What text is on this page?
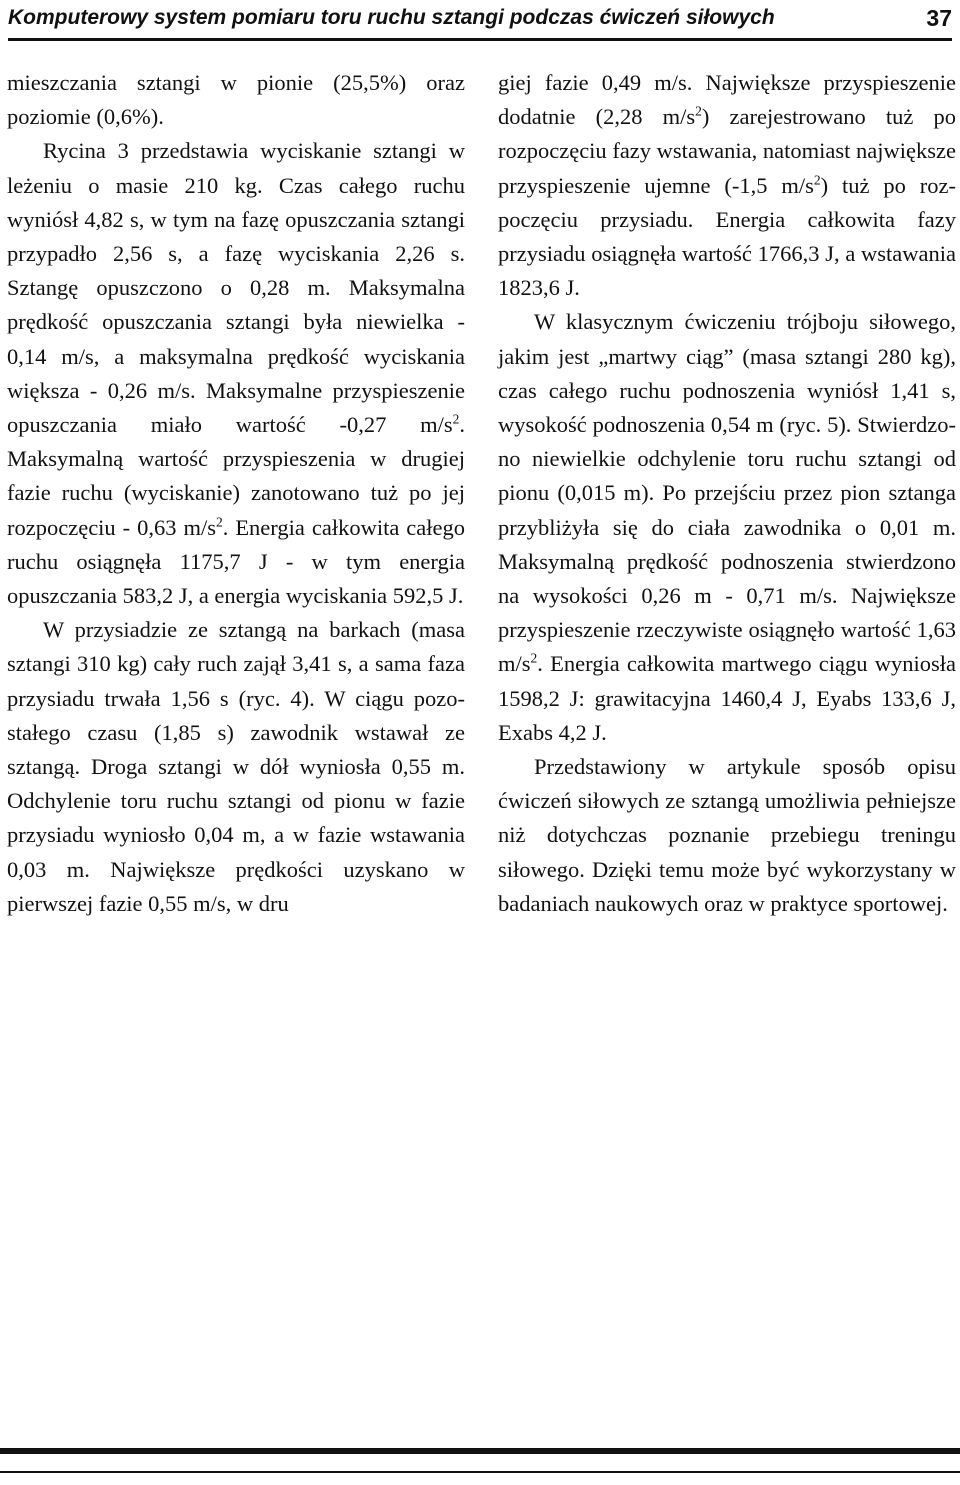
Komputerowy system pomiaru toru ruchu sztangi podczas ćwiczeń siłowych	37

mieszczania sztangi w pionie (25,5%) oraz poziomie (0,6%).

Rycina 3 przedstawia wyciskanie sztangi w leżeniu o masie 210 kg. Czas całego ruchu wyniósł 4,82 s, w tym na fazę opuszczania sztangi przypadło 2,56 s, a fazę wyciskania 2,26 s. Sztangę opuszczono o 0,28 m. Maksymalna prędkość opuszczania sztangi była niewielka - 0,14 m/s, a maksymalna prędkość wyciskania większa - 0,26 m/s. Maksymalne przyspieszenie opuszczania miało wartość -0,27 $m/s^2$. Maksymalną wartość przyspieszenia w drugiej fazie ruchu (wyciskanie) zanotowano tuż po jej rozpoczęciu - 0,63 $m/s^2$. Energia całkowita całego ruchu osiągnęła 1175,7 J - w tym energia opuszczania 583,2 J, a energia wyciskania 592,5 J.

W przysiadzie ze sztangą na barkach (masa sztangi 310 kg) cały ruch zajął 3,41 s, a sama faza przysiadu trwała 1,56 s (ryc. 4). W ciągu pozostałego czasu (1,85 s) zawodnik wstawał ze sztangą. Droga sztangi w dół wyniosła 0,55 m. Odchylenie toru ruchu sztangi od pionu w fazie przysiadu wyniosło 0,04 m, a w fazie wstawania 0,03 m. Największe prędkości uzyskano w pierwszej fazie 0,55 m/s, w dru

giej fazie 0,49 m/s. Największe przyspieszenie dodatnie (2,28 $m/s^2$) zarejestrowano tuż po rozpoczęciu fazy wstawania, natomiast największe przyspieszenie ujemne (-1,5 $m/s^2$) tuż po rozpoczęciu przysiadu. Energia całkowita fazy przysiadu osiągnęła wartość 1766,3 J, a wstawania 1823,6 J.

W klasycznym ćwiczeniu trójboju siłowego, jakim jest „martwy ciąg” (masa sztangi 280 kg), czas całego ruchu podnoszenia wyniósł 1,41 s, wysokość podnoszenia 0,54 m (ryc. 5). Stwierdzono niewielkie odchylenie toru ruchu sztangi od pionu (0,015 m). Po przejściu przez pion sztanga przybliżyła się do ciała zawodnika o 0,01 m. Maksymalną prędkość podnoszenia stwierdzono na wysokości 0,26 m - 0,71 m/s. Największe przyspieszenie rzeczywiste osiągnęło wartość 1,63 $m/s^2$. Energia całkowita martwego ciągu wyniosła 1598,2 J: grawitacyjna 1460,4 J, Eyabs 133,6 J, Exabs 4,2 J.

Przedstawiony w artykule sposób opisu ćwiczeń siłowych ze sztangą umożliwia pełniejsze niż dotychczas poznanie przebiegu treningu siłowego. Dzięki temu może być wykorzystany w badaniach naukowych oraz w praktyce sportowej.
